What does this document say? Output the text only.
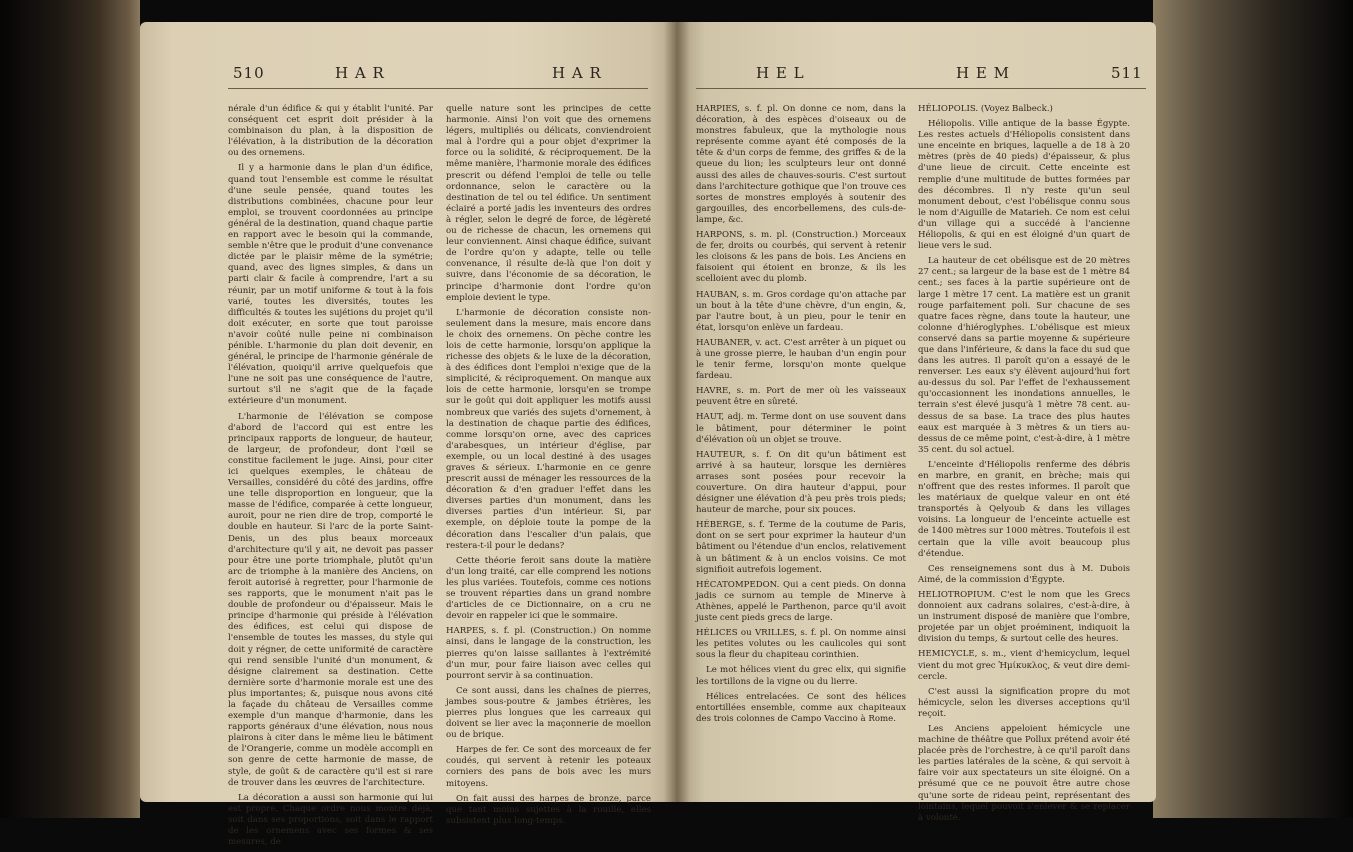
510	H A R	H A R

nérale d'un édifice & qui y établit l'unité. Par conséquent cet esprit doit présider à la combinaison du plan, à la disposition de l'élévation, à la distribution de la décoration ou des ornemens.

Il y a harmonie dans le plan d'un édifice, quand tout l'ensemble est comme le résultat d'une seule pensée, quand toutes les distributions combinées, chacune pour leur emploi, se trouvent coordonnées au principe général de la destination, quand chaque partie en rapport avec le besoin qui la commande, semble n'être que le produit d'une convenance dictée par le plaisir même de la symétrie; quand, avec des lignes simples, & dans un parti clair & facile à comprendre, l'art a su réunir, par un motif uniforme & tout à la fois varié, toutes les diversités, toutes les difficultés & toutes les sujétions du projet qu'il doit exécuter, en sorte que tout paroisse n'avoir coûté nulle peine ni combinaison pénible. L'harmonie du plan doit devenir, en général, le principe de l'harmonie générale de l'élévation, quoiqu'il arrive quelquefois que l'une ne soit pas une conséquence de l'autre, surtout s'il ne s'agit que de la façade extérieure d'un monument.

L'harmonie de l'élévation se compose d'abord de l'accord qui est entre les principaux rapports de longueur, de hauteur, de largeur, de profondeur, dont l'œil se constitue facilement le juge. Ainsi, pour citer ici quelques exemples, le château de Versailles, considéré du côté des jardins, offre une telle disproportion en longueur, que la masse de l'édifice, comparée à cette longueur, auroit, pour ne rien dire de trop, comporté le double en hauteur. Si l'arc de la porte Saint-Denis, un des plus beaux morceaux d'architecture qu'il y ait, ne devoit pas passer pour être une porte triomphale, plutôt qu'un arc de triomphe à la manière des Anciens, on feroit autorisé à regretter, pour l'harmonie de ses rapports, que le monument n'ait pas le double de profondeur ou d'épaisseur. Mais le principe d'harmonie qui préside à l'élévation des édifices, est celui qui dispose de l'ensemble de toutes les masses, du style qui doit y régner, de cette uniformité de caractère qui rend sensible l'unité d'un monument, & désigne clairement sa destination. Cette dernière sorte d'harmonie morale est une des plus importantes; &, puisque nous avons cité la façade du château de Versailles comme exemple d'un manque d'harmonie, dans les rapports généraux d'une élévation, nous nous plairons à citer dans le même lieu le bâtiment de l'Orangerie, comme un modèle accompli en son genre de cette harmonie de masse, de style, de goût & de caractère qu'il est si rare de trouver dans les œuvres de l'architecture.

La décoration a aussi son harmonie qui lui est propre. Chaque ordre nous montre déjà, soit dans ses proportions, soit dans le rapport de les ornemens avec ses formes & ses mesures, de

quelle nature sont les principes de cette harmonie. Ainsi l'on voit que des ornemens légers, multipliés ou délicats, conviendroient mal à l'ordre qui a pour objet d'exprimer la force ou la solidité, & réciproquement. De la même manière, l'harmonie morale des édifices prescrit ou défend l'emploi de telle ou telle ordonnance, selon le caractère ou la destination de tel ou tel édifice. Un sentiment éclairé a porté jadis les inventeurs des ordres à régler, selon le degré de force, de légèreté ou de richesse de chacun, les ornemens qui leur conviennent. Ainsi chaque édifice, suivant de l'ordre qu'on y adapte, telle ou telle convenance, il résulte de-là que l'on doit y suivre, dans l'économie de sa décoration, le principe d'harmonie dont l'ordre qu'on emploie devient le type.

L'harmonie de décoration consiste non-seulement dans la mesure, mais encore dans le choix des ornemens. On pèche contre les lois de cette harmonie, lorsqu'on applique la richesse des objets & le luxe de la décoration, à des édifices dont l'emploi n'exige que de la simplicité, & réciproquement. On manque aux lois de cette harmonie, lorsqu'en se trompe sur le goût qui doit appliquer les motifs aussi nombreux que variés des sujets d'ornement, à la destination de chaque partie des édifices, comme lorsqu'on orne, avec des caprices d'arabesques, un intérieur d'église, par exemple, ou un local destiné à des usages graves & sérieux. L'harmonie en ce genre prescrit aussi de ménager les ressources de la décoration & d'en graduer l'effet dans les diverses parties d'un monument, dans les diverses parties d'un intérieur. Si, par exemple, on déploie toute la pompe de la décoration dans l'escalier d'un palais, que restera-t-il pour le dedans?

Cette théorie feroit sans doute la matière d'un long traité, car elle comprend les notions les plus variées. Toutefois, comme ces notions se trouvent réparties dans un grand nombre d'articles de ce Dictionnaire, on a cru ne devoir en rappeler ici que le sommaire.

HARPES, s. f. pl. (Construction.) On nomme ainsi, dans le langage de la construction, les pierres qu'on laisse saillantes à l'extrémité d'un mur, pour faire liaison avec celles qui pourront servir à sa continuation.

Ce sont aussi, dans les chaînes de pierres, jambes sous-poutre & jambes étrières, les pierres plus longues que les carreaux qui doivent se lier avec la maçonnerie de moellon ou de brique.

Harpes de fer. Ce sont des morceaux de fer coudés, qui servent à retenir les poteaux corniers des pans de bois avec les murs mitoyens.

On fait aussi des harpes de bronze, parce que tant moins sujettes à la rouille, elles subsistent plus long-temps.

H E L	H E M	511

HARPIES, s. f. pl. On donne ce nom, dans la décoration, à des espèces d'oiseaux ou de monstres fabuleux, que la mythologie nous représente comme ayant été composés de la tête & d'un corps de femme, des griffes & de la queue du lion; les sculpteurs leur ont donné aussi des ailes de chauves-souris. C'est surtout dans l'architecture gothique que l'on trouve ces sortes de monstres employés à soutenir des gargouilles, des encorbellemens, des culs-de-lampe, &c.

HARPONS, s. m. pl. (Construction.) Morceaux de fer, droits ou courbés, qui servent à retenir les cloisons & les pans de bois. Les Anciens en faisoient qui étoient en bronze, & ils les scelloient avec du plomb.

HAUBAN, s. m. Gros cordage qu'on attache par un bout à la tête d'une chèvre, d'un engin, &, par l'autre bout, à un pieu, pour le tenir en état, lorsqu'on enlève un fardeau.

HAUBANER, v. act. C'est arrêter à un piquet ou à une grosse pierre, le hauban d'un engin pour le tenir ferme, lorsqu'on monte quelque fardeau.

HAVRE, s. m. Port de mer où les vaisseaux peuvent être en sûreté.

HAUT, adj. m. Terme dont on use souvent dans le bâtiment, pour déterminer le point d'élévation où un objet se trouve.

HAUTEUR, s. f. On dit qu'un bâtiment est arrivé à sa hauteur, lorsque les dernières arrases sont posées pour recevoir la couverture. On dira hauteur d'appui, pour désigner une élévation d'à peu près trois pieds; hauteur de marche, pour six pouces.

HÉBERGE, s. f. Terme de la coutume de Paris, dont on se sert pour exprimer la hauteur d'un bâtiment ou l'étendue d'un enclos, relativement à un bâtiment & à un enclos voisins. Ce mot signifioit autrefois logement.

HÉCATOMPEDON. Qui a cent pieds. On donna jadis ce surnom au temple de Minerve à Athènes, appelé le Parthenon, parce qu'il avoit juste cent pieds grecs de large.

HÉLICES ou VRILLES, s. f. pl. On nomme ainsi les petites volutes ou les caulicoles qui sont sous la fleur du chapiteau corinthien.

Le mot hélices vient du grec elix, qui signifie les tortillons de la vigne ou du lierre.

Hélices entrelacées. Ce sont des hélices entortillées ensemble, comme aux chapiteaux des trois colonnes de Campo Vaccino à Rome.

HÉLIOPOLIS. (Voyez Balbeck.)

Héliopolis. Ville antique de la basse Égypte. Les restes actuels d'Héliopolis consistent dans une enceinte en briques, laquelle a de 18 à 20 mètres (près de 40 pieds) d'épaisseur, & plus d'une lieue de circuit. Cette enceinte est remplie d'une multitude de buttes formées par des décombres. Il n'y reste qu'un seul monument debout, c'est l'obélisque connu sous le nom d'Aiguille de Matarieh. Ce nom est celui d'un village qui a succédé à l'ancienne Héliopolis, & qui en est éloigné d'un quart de lieue vers le sud.

La hauteur de cet obélisque est de 20 mètres 27 cent.; sa largeur de la base est de 1 mètre 84 cent.; ses faces à la partie supérieure ont de large 1 mètre 17 cent. La matière est un granit rouge parfaitement poli. Sur chacune de ses quatre faces règne, dans toute la hauteur, une colonne d'hiéroglyphes. L'obélisque est mieux conservé dans sa partie moyenne & supérieure que dans l'inférieure, & dans la face du sud que dans les autres. Il paroît qu'on a essayé de le renverser. Les eaux s'y élèvent aujourd'hui fort au-dessus du sol. Par l'effet de l'exhaussement qu'occasionnent les inondations annuelles, le terrain s'est élevé jusqu'à 1 mètre 78 cent. au-dessus de sa base. La trace des plus hautes eaux est marquée à 3 mètres & un tiers au-dessus de ce même point, c'est-à-dire, à 1 mètre 35 cent. du sol actuel.

L'enceinte d'Héliopolis renferme des débris en marbre, en granit, en brèche; mais qui n'offrent que des restes informes. Il paroît que les matériaux de quelque valeur en ont été transportés à Qelyoub & dans les villages voisins. La longueur de l'enceinte actuelle est de 1400 mètres sur 1000 mètres. Toutefois il est certain que la ville avoit beaucoup plus d'étendue.

Ces renseignemens sont dus à M. Dubois Aimé, de la commission d'Égypte.

HELIOTROPIUM. C'est le nom que les Grecs donnoient aux cadrans solaires, c'est-à-dire, à un instrument disposé de manière que l'ombre, projetée par un objet proéminent, indiquoit la division du temps, & surtout celle des heures.

HEMICYCLE, s. m., vient d'hemicyclum, lequel vient du mot grec Ἡμίκυκλος, & veut dire demi-cercle.

C'est aussi la signification propre du mot hémicycle, selon les diverses acceptions qu'il reçoit.

Les Anciens appeloient hémicycle une machine de théâtre que Pollux prétend avoir été placée près de l'orchestre, à ce qu'il paroît dans les parties latérales de la scène, & qui servoit à faire voir aux spectateurs un site éloigné. On a présumé que ce ne pouvoit être autre chose qu'une sorte de rideau peint, représentant des lointains, lequel pouvoit s'enlever & se replacer à volonté.
